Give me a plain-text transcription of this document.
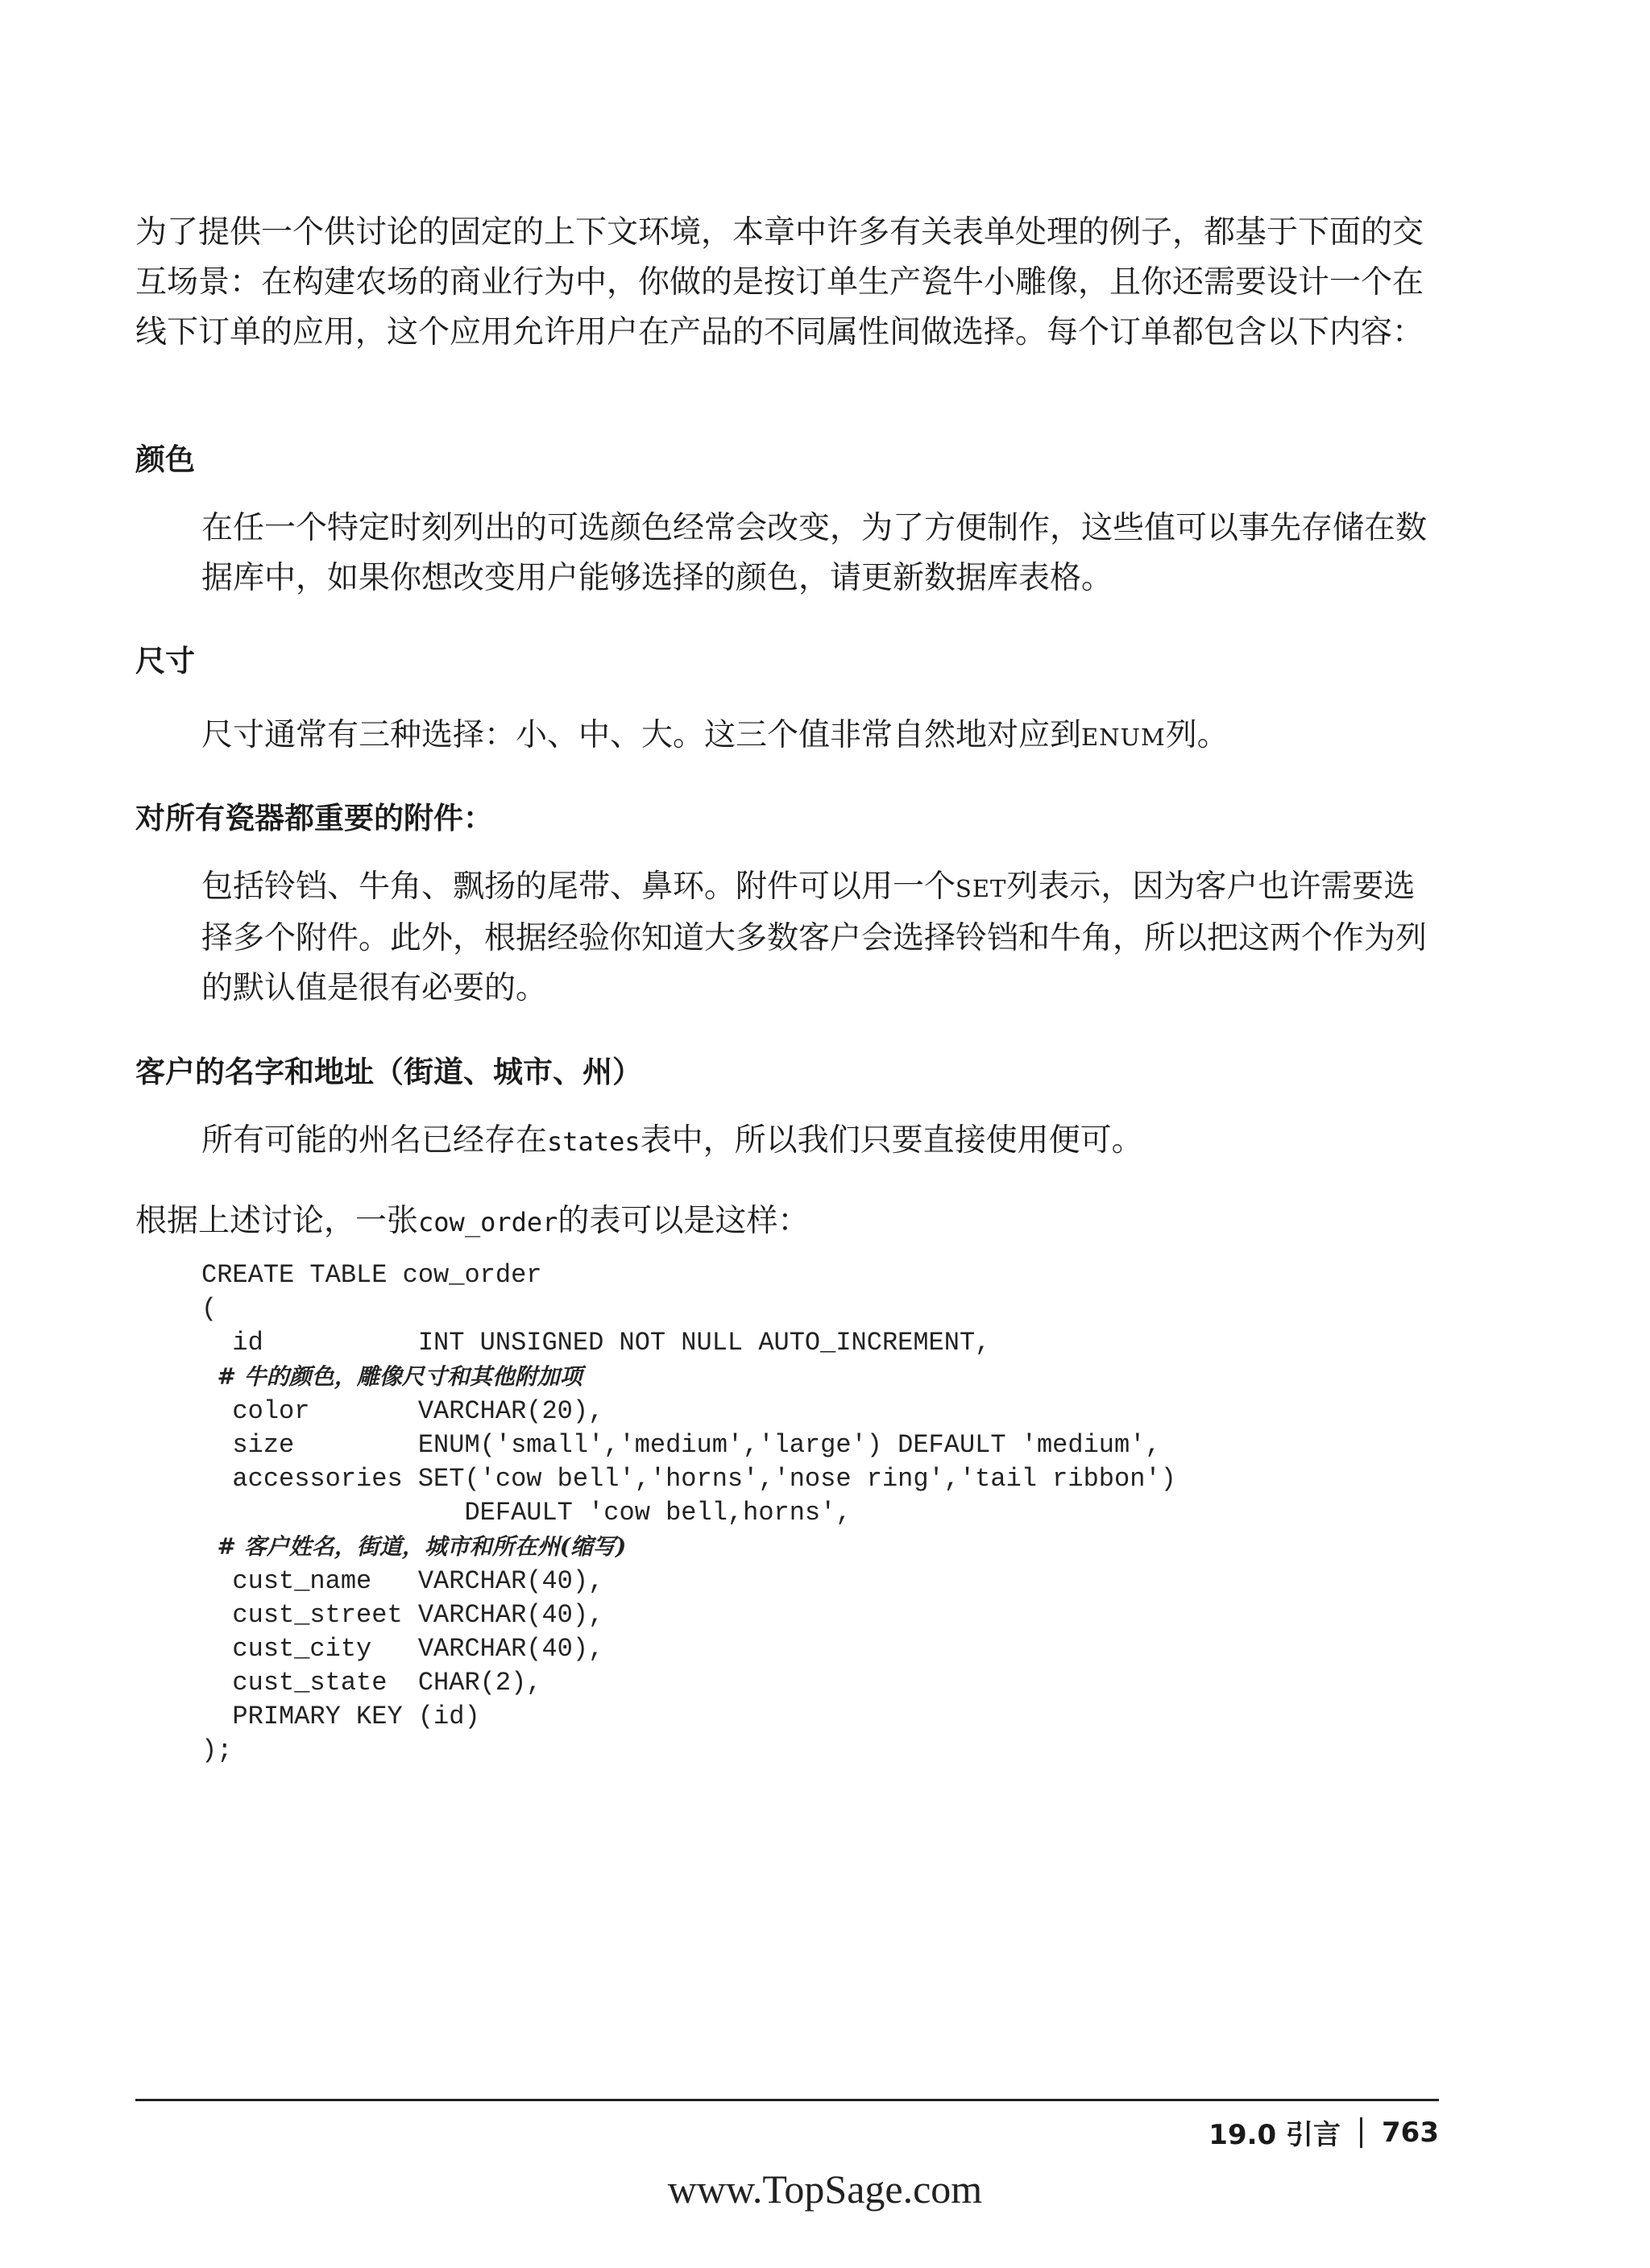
为了提供一个供讨论的固定的上下文环境，本章中许多有关表单处理的例子，都基于下面的交互场景：在构建农场的商业行为中，你做的是按订单生产瓷牛小雕像，且你还需要设计一个在线下订单的应用，这个应用允许用户在产品的不同属性间做选择。每个订单都包含以下内容：

颜色

在任一个特定时刻列出的可选颜色经常会改变，为了方便制作，这些值可以事先存储在数据库中，如果你想改变用户能够选择的颜色，请更新数据库表格。

尺寸

尺寸通常有三种选择：小、中、大。这三个值非常自然地对应到ENUM列。

对所有瓷器都重要的附件：

包括铃铛、牛角、飘扬的尾带、鼻环。附件可以用一个SET列表示，因为客户也许需要选择多个附件。此外，根据经验你知道大多数客户会选择铃铛和牛角，所以把这两个作为列的默认值是很有必要的。

客户的名字和地址（街道、城市、州）

所有可能的州名已经存在states表中，所以我们只要直接使用便可。

根据上述讨论，一张cow_order的表可以是这样：

CREATE TABLE cow_order
(
id          INT UNSIGNED NOT NULL AUTO_INCREMENT,
# 牛的颜色，雕像尺寸和其他附加项
color       VARCHAR(20),
size        ENUM('small','medium','large') DEFAULT 'medium',
accessories SET('cow bell','horns','nose ring','tail ribbon')
DEFAULT 'cow bell,horns',
# 客户姓名，街道，城市和所在州(缩写)
cust_name   VARCHAR(40),
cust_street VARCHAR(40),
cust_city   VARCHAR(40),
cust_state  CHAR(2),
PRIMARY KEY (id)
);
19.0 引言 763
www.TopSage.com
